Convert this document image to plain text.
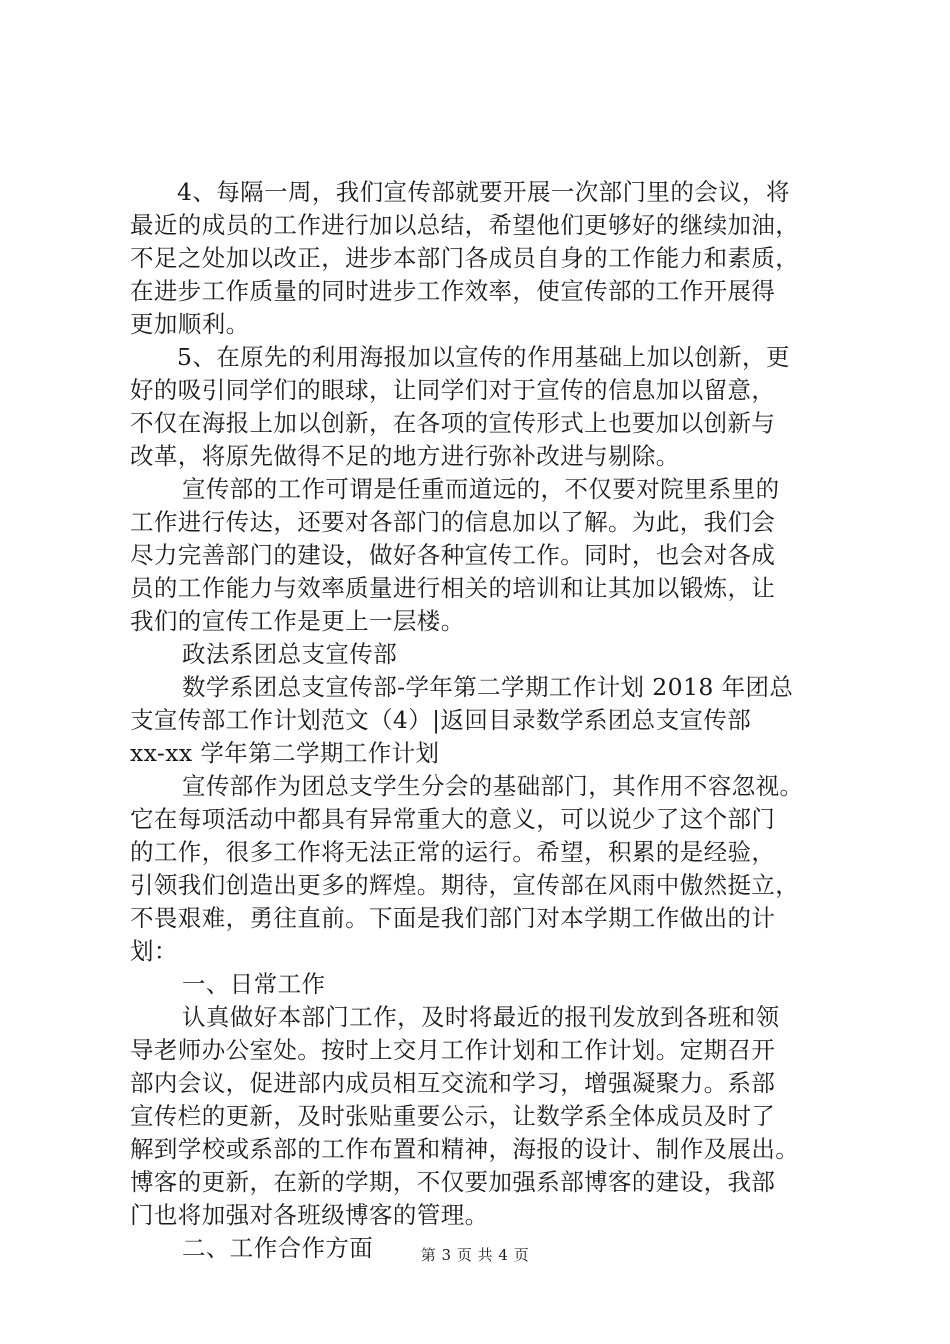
4、每隔一周，我们宣传部就要开展一次部门里的会议，将
最近的成员的工作进行加以总结，希望他们更够好的继续加油，
不足之处加以改正，进步本部门各成员自身的工作能力和素质，
在进步工作质量的同时进步工作效率，使宣传部的工作开展得
更加顺利。
5、在原先的利用海报加以宣传的作用基础上加以创新，更
好的吸引同学们的眼球，让同学们对于宣传的信息加以留意，
不仅在海报上加以创新，在各项的宣传形式上也要加以创新与
改革，将原先做得不足的地方进行弥补改进与剔除。
宣传部的工作可谓是任重而道远的，不仅要对院里系里的
工作进行传达，还要对各部门的信息加以了解。为此，我们会
尽力完善部门的建设，做好各种宣传工作。同时，也会对各成
员的工作能力与效率质量进行相关的培训和让其加以锻炼，让
我们的宣传工作是更上一层楼。
政法系团总支宣传部
数学系团总支宣传部-学年第二学期工作计划 2018 年团总
支宣传部工作计划范文（4）|返回目录数学系团总支宣传部
xx-xx 学年第二学期工作计划
宣传部作为团总支学生分会的基础部门，其作用不容忽视。
它在每项活动中都具有异常重大的意义，可以说少了这个部门
的工作，很多工作将无法正常的运行。希望，积累的是经验，
引领我们创造出更多的辉煌。期待，宣传部在风雨中傲然挺立，
不畏艰难，勇往直前。下面是我们部门对本学期工作做出的计
划：
一、日常工作
认真做好本部门工作，及时将最近的报刊发放到各班和领
导老师办公室处。按时上交月工作计划和工作计划。定期召开
部内会议，促进部内成员相互交流和学习，增强凝聚力。系部
宣传栏的更新，及时张贴重要公示，让数学系全体成员及时了
解到学校或系部的工作布置和精神，海报的设计、制作及展出。
博客的更新，在新的学期，不仅要加强系部博客的建设，我部
门也将加强对各班级博客的管理。
二、工作合作方面	第 3 页 共 4 页
